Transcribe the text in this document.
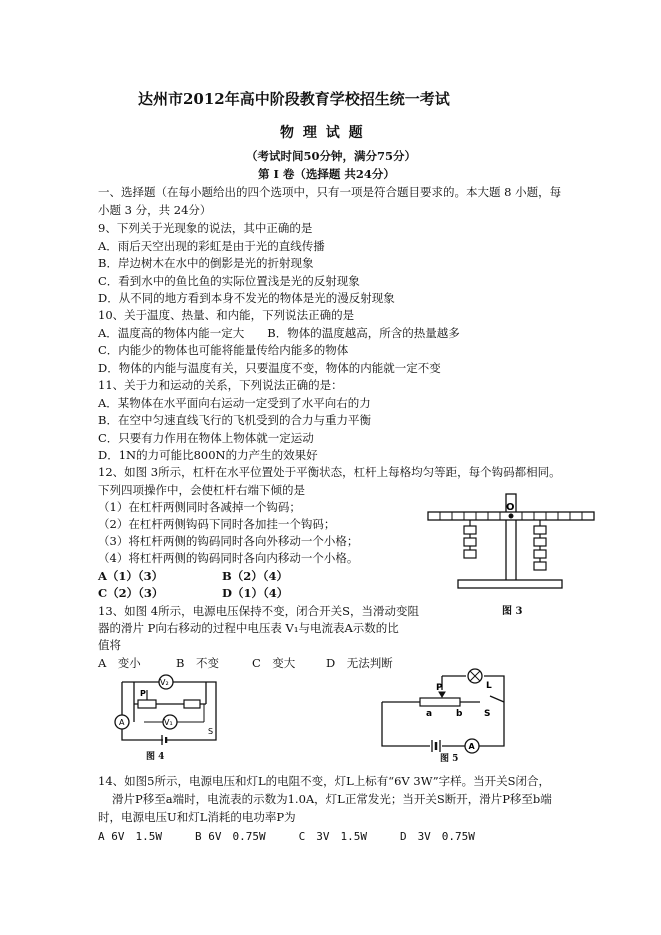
达州市2012年高中阶段教育学校招生统一考试
物 理 试 题
（考试时间50分钟，满分75分）
第 I 卷（选择题 共24分）
一、选择题（在每小题给出的四个选项中，只有一项是符合题目要求的。本大题 8 小题，每
小题 3 分，共 24分）
9、下列关于光现象的说法，其中正确的是
A．雨后天空出现的彩虹是由于光的直线传播
B．岸边树木在水中的倒影是光的折射现象
C．看到水中的鱼比鱼的实际位置浅是光的反射现象
D．从不同的地方看到本身不发光的物体是光的漫反射现象
10、关于温度、热量、和内能，下列说法正确的是
A．温度高的物体内能一定大　　B．物体的温度越高，所含的热量越多
C．内能少的物体也可能将能量传给内能多的物体
D．物体的内能与温度有关，只要温度不变，物体的内能就一定不变
11、关于力和运动的关系，下列说法正确的是：
A．某物体在水平面向右运动一定受到了水平向右的力
B．在空中匀速直线飞行的飞机受到的合力与重力平衡
C．只要有力作用在物体上物体就一定运动
D．1N的力可能比800N的力产生的效果好
12、如图 3所示，杠杆在水平位置处于平衡状态，杠杆上每格均匀等距，每个钩码都相同。
下列四项操作中，会使杠杆右端下倾的是
（1）在杠杆两侧同时各减掉一个钩码；
（2）在杠杆两侧钩码下同时各加挂一个钩码；
（3）将杠杆两侧的钩码同时各向外移动一个小格；
（4）将杠杆两侧的钩码同时各向内移动一个小格。
A（1）（3）	B（2）（4）
C（2）（3）	D（1）（4）
O
图 3
13、如图 4所示，电源电压保持不变，闭合开关S，当滑动变阻
器的滑片 P向右移动的过程中电压表 V₁与电流表A示数的比
值将
A　变小	B　不变	C　变大	D　无法判断
V₂
P
V₁
A
S
图 4
L
P
a	b S
A
图 5
14、如图5所示，电源电压和灯L的电阻不变，灯L上标有“6V 3W”字样。当开关S闭合，
滑片P移至a端时，电流表的示数为1.0A，灯L正常发光；当开关S断开，滑片P移至b端
时，电源电压U和灯L消耗的电功率P为
A 6V　1.5W　　　B 6V　0.75W　　　C　3V　1.5W　　　D　3V　0.75W
